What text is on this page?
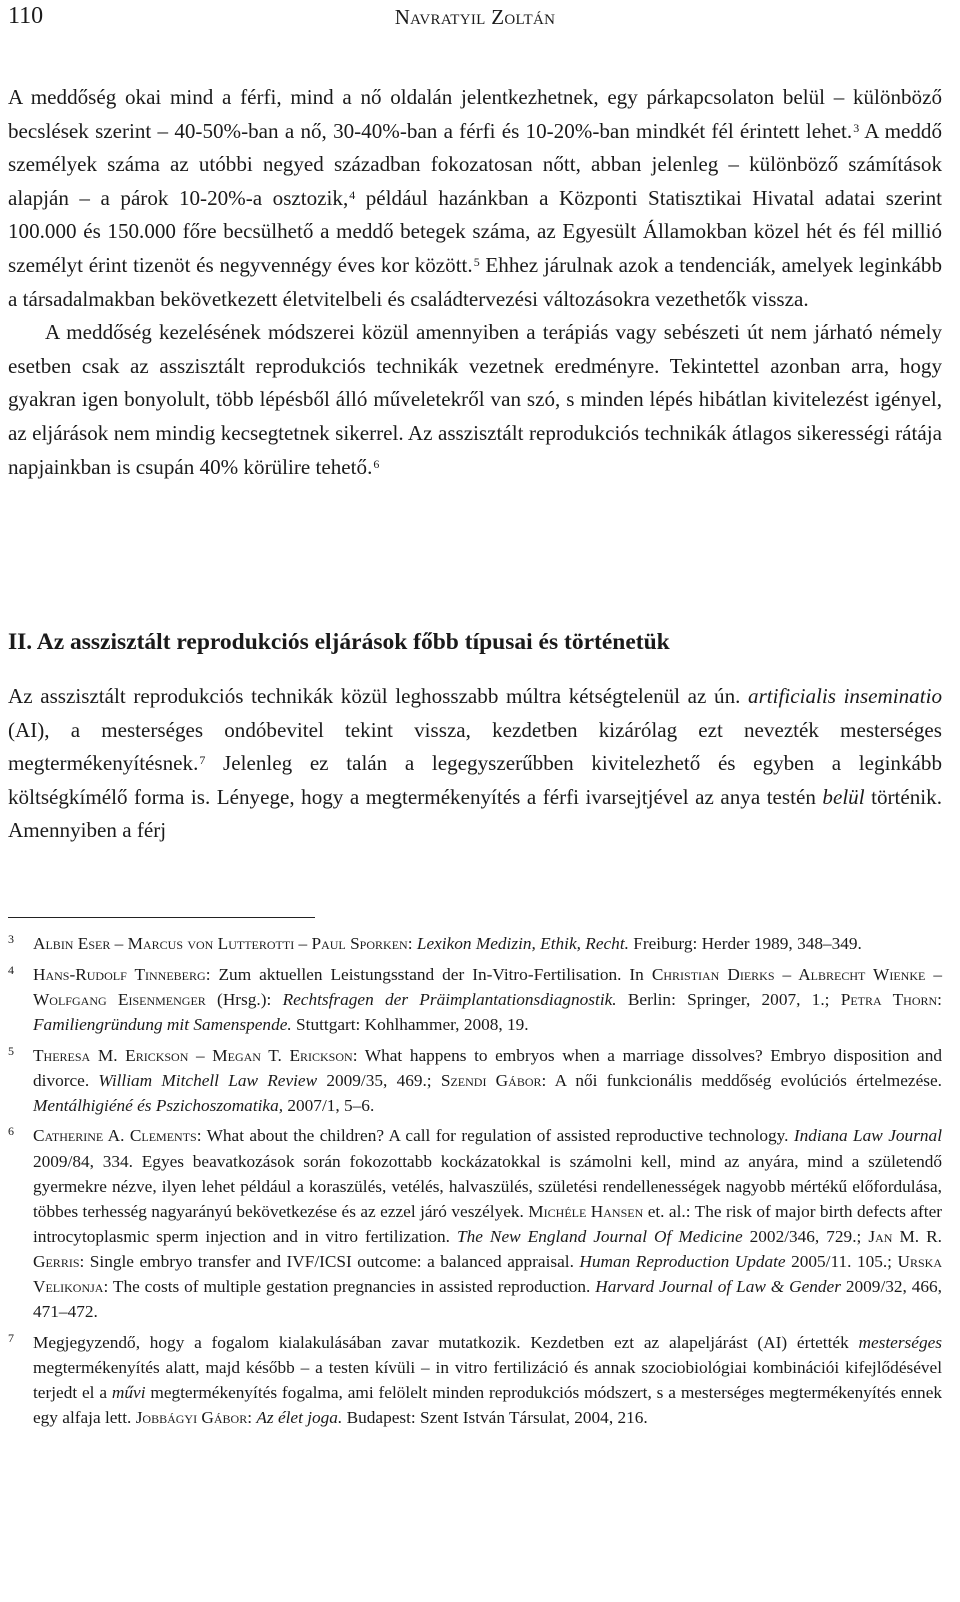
110	Navratyil Zoltán

A meddőség okai mind a férfi, mind a nő oldalán jelentkezhetnek, egy párkapcsolaton belül – különböző becslések szerint – 40-50%-ban a nő, 30-40%-ban a férfi és 10-20%-ban mindkét fél érintett lehet.$^3$ A meddő személyek száma az utóbbi negyed században fokozatosan nőtt, abban jelenleg – különböző számítások alapján – a párok 10-20%-a osztozik,$^4$ például hazánkban a Központi Statisztikai Hivatal adatai szerint 100.000 és 150.000 főre becsülhető a meddő betegek száma, az Egyesült Államokban közel hét és fél millió személyt érint tizenöt és negyvennégy éves kor között.$^5$ Ehhez járulnak azok a tendenciák, amelyek leginkább a társadalmakban bekövetkezett életvitelbeli és családtervezési változásokra vezethetők vissza.

A meddőség kezelésének módszerei közül amennyiben a terápiás vagy sebészeti út nem járható némely esetben csak az asszisztált reprodukciós technikák vezetnek eredményre. Tekintettel azonban arra, hogy gyakran igen bonyolult, több lépésből álló műveletekről van szó, s minden lépés hibátlan kivitelezést igényel, az eljárások nem mindig kecsegtetnek sikerrel. Az asszisztált reprodukciós technikák átlagos sikerességi rátája napjainkban is csupán 40% körülire tehető.$^6$

II. Az asszisztált reprodukciós eljárások főbb típusai és történetük

Az asszisztált reprodukciós technikák közül leghosszabb múltra kétségtelenül az ún. artificialis inseminatio (AI), a mesterséges ondóbevitel tekint vissza, kezdetben kizárólag ezt nevezték mesterséges megtermékenyítésnek.$^7$ Jelenleg ez talán a legegyszerűbben kivitelezhető és egyben a leginkább költségkímélő forma is. Lényege, hogy a megtermékenyítés a férfi ivarsejtjével az anya testén belül történik. Amennyiben a férj

3 Albin Eser – Marcus von Lutterotti – Paul Sporken: Lexikon Medizin, Ethik, Recht. Freiburg: Herder 1989, 348–349.

4 Hans-Rudolf Tinneberg: Zum aktuellen Leistungsstand der In-Vitro-Fertilisation. In Christian Dierks – Albrecht Wienke – Wolfgang Eisenmenger (Hrsg.): Rechtsfragen der Präimplantationsdiagnostik. Berlin: Springer, 2007, 1.; Petra Thorn: Familiengründung mit Samenspende. Stuttgart: Kohlhammer, 2008, 19.

5 Theresa M. Erickson – Megan T. Erickson: What happens to embryos when a marriage dissolves? Embryo disposition and divorce. William Mitchell Law Review 2009/35, 469.; Szendi Gábor: A női funkcionális meddőség evolúciós értelmezése. Mentálhigiéné és Pszichoszomatika, 2007/1, 5–6.

6 Catherine A. Clements: What about the children? A call for regulation of assisted reproductive technology. Indiana Law Journal 2009/84, 334. Egyes beavatkozások során fokozottabb kockázatokkal is számolni kell, mind az anyára, mind a születendő gyermekre nézve, ilyen lehet például a koraszülés, vetélés, halvaszülés, születési rendellenességek nagyobb mértékű előfordulása, többes terhesség nagyarányú bekövetkezése és az ezzel járó veszélyek. Michéle Hansen et. al.: The risk of major birth defects after introcytoplasmic sperm injection and in vitro fertilization. The New England Journal Of Medicine 2002/346, 729.; Jan M. R. Gerris: Single embryo transfer and IVF/ICSI outcome: a balanced appraisal. Human Reproduction Update 2005/11. 105.; Urska Velikonja: The costs of multiple gestation pregnancies in assisted reproduction. Harvard Journal of Law & Gender 2009/32, 466, 471–472.

7 Megjegyzendő, hogy a fogalom kialakulásában zavar mutatkozik. Kezdetben ezt az alapeljárást (AI) értették mesterséges megtermékenyítés alatt, majd később – a testen kívüli – in vitro fertilizáció és annak szociobiológiai kombinációi kifejlődésével terjedt el a művi megtermékenyítés fogalma, ami felölelt minden reprodukciós módszert, s a mesterséges megtermékenyítés ennek egy alfaja lett. Jobbágyi Gábor: Az élet joga. Budapest: Szent István Társulat, 2004, 216.
